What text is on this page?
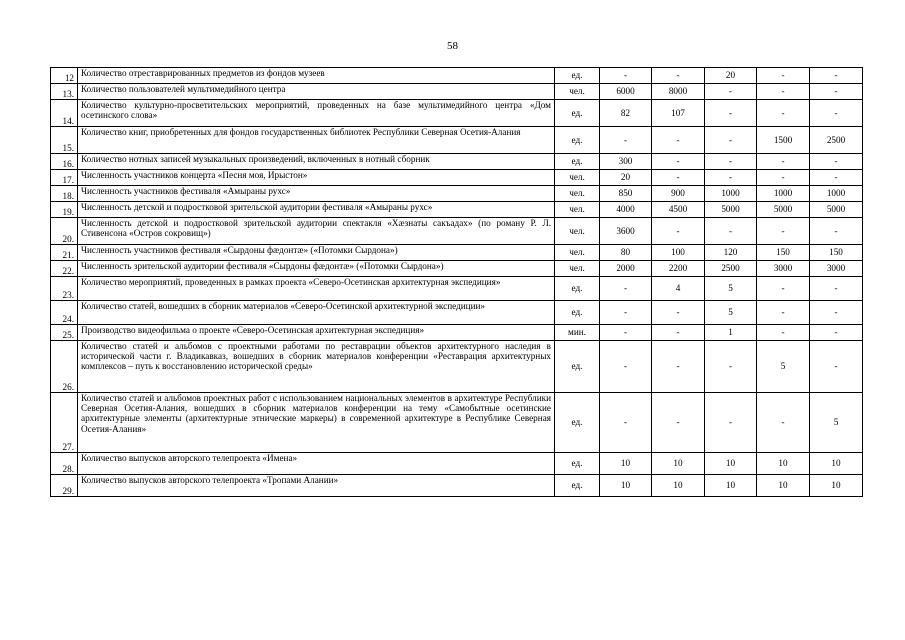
58
12	Количество отреставрированных предметов из фондов музеев	ед.	-	-	20	-	-
13.	Количество пользователей мультимедийного центра	чел.	6000	8000	-	-	-
14.	Количество культурно-просветительских мероприятий, проведенных на базе мультимедийного центра «Дом осетинского слова»	ед.	82	107	-	-	-
15.	Количество книг, приобретенных для фондов государственных библиотек Республики Северная Осетия-Алания	ед.	-	-	-	1500	2500
16.	Количество нотных записей музыкальных произведений, включенных в нотный сборник	ед.	300	-	-	-	-
17.	Численность участников концерта «Песня моя, Ирыстон»	чел.	20	-	-	-	-
18.	Численность участников фестиваля «Амыраны рухс»	чел.	850	900	1000	1000	1000
19.	Численность детской и подростковой зрительской аудитории фестиваля «Амыраны рухс»	чел.	4000	4500	5000	5000	5000
20.	Численность детской и подростковой зрительской аудитории спектакля «Хæзнаты сакъадах» (по роману Р. Л. Стивенсона «Остров сокровищ»)	чел.	3600	-	-	-	-
21.	Численность участников фестиваля «Сырдоны фæдонтæ» («Потомки Сырдона»)	чел.	80	100	120	150	150
22.	Численность зрительской аудитории фестиваля «Сырдоны фæдонтæ» («Потомки Сырдона»)	чел.	2000	2200	2500	3000	3000
23.	Количество мероприятий, проведенных в рамках проекта «Северо-Осетинская архитектурная экспедиция»	ед.	-	4	5	-	-
24.	Количество статей, вошедших в сборник материалов «Северо-Осетинской архитектурной экспедиции»	ед.	-	-	5	-	-
25.	Производство видеофильма о проекте «Северо-Осетинская архитектурная экспедиция»	мин.	-	-	1	-	-
26.	Количество статей и альбомов с проектными работами по реставрации объектов архитектурного наследия в исторической части г. Владикавказ, вошедших в сборник материалов конференции «Реставрация архитектурных комплексов – путь к восстановлению исторической среды»	ед.	-	-	-	5	-
27.	Количество статей и альбомов проектных работ с использованием национальных элементов в архитектуре Республики Северная Осетия-Алания, вошедших в сборник материалов конференции на тему «Самобытные осетинские архитектурные элементы (архитектурные этнические маркеры) в современной архитектуре в Республике Северная Осетия-Алания»	ед.	-	-	-	-	5
28.	Количество выпусков авторского телепроекта «Имена»	ед.	10	10	10	10	10
29.	Количество выпусков авторского телепроекта «Тропами Алании»	ед.	10	10	10	10	10
